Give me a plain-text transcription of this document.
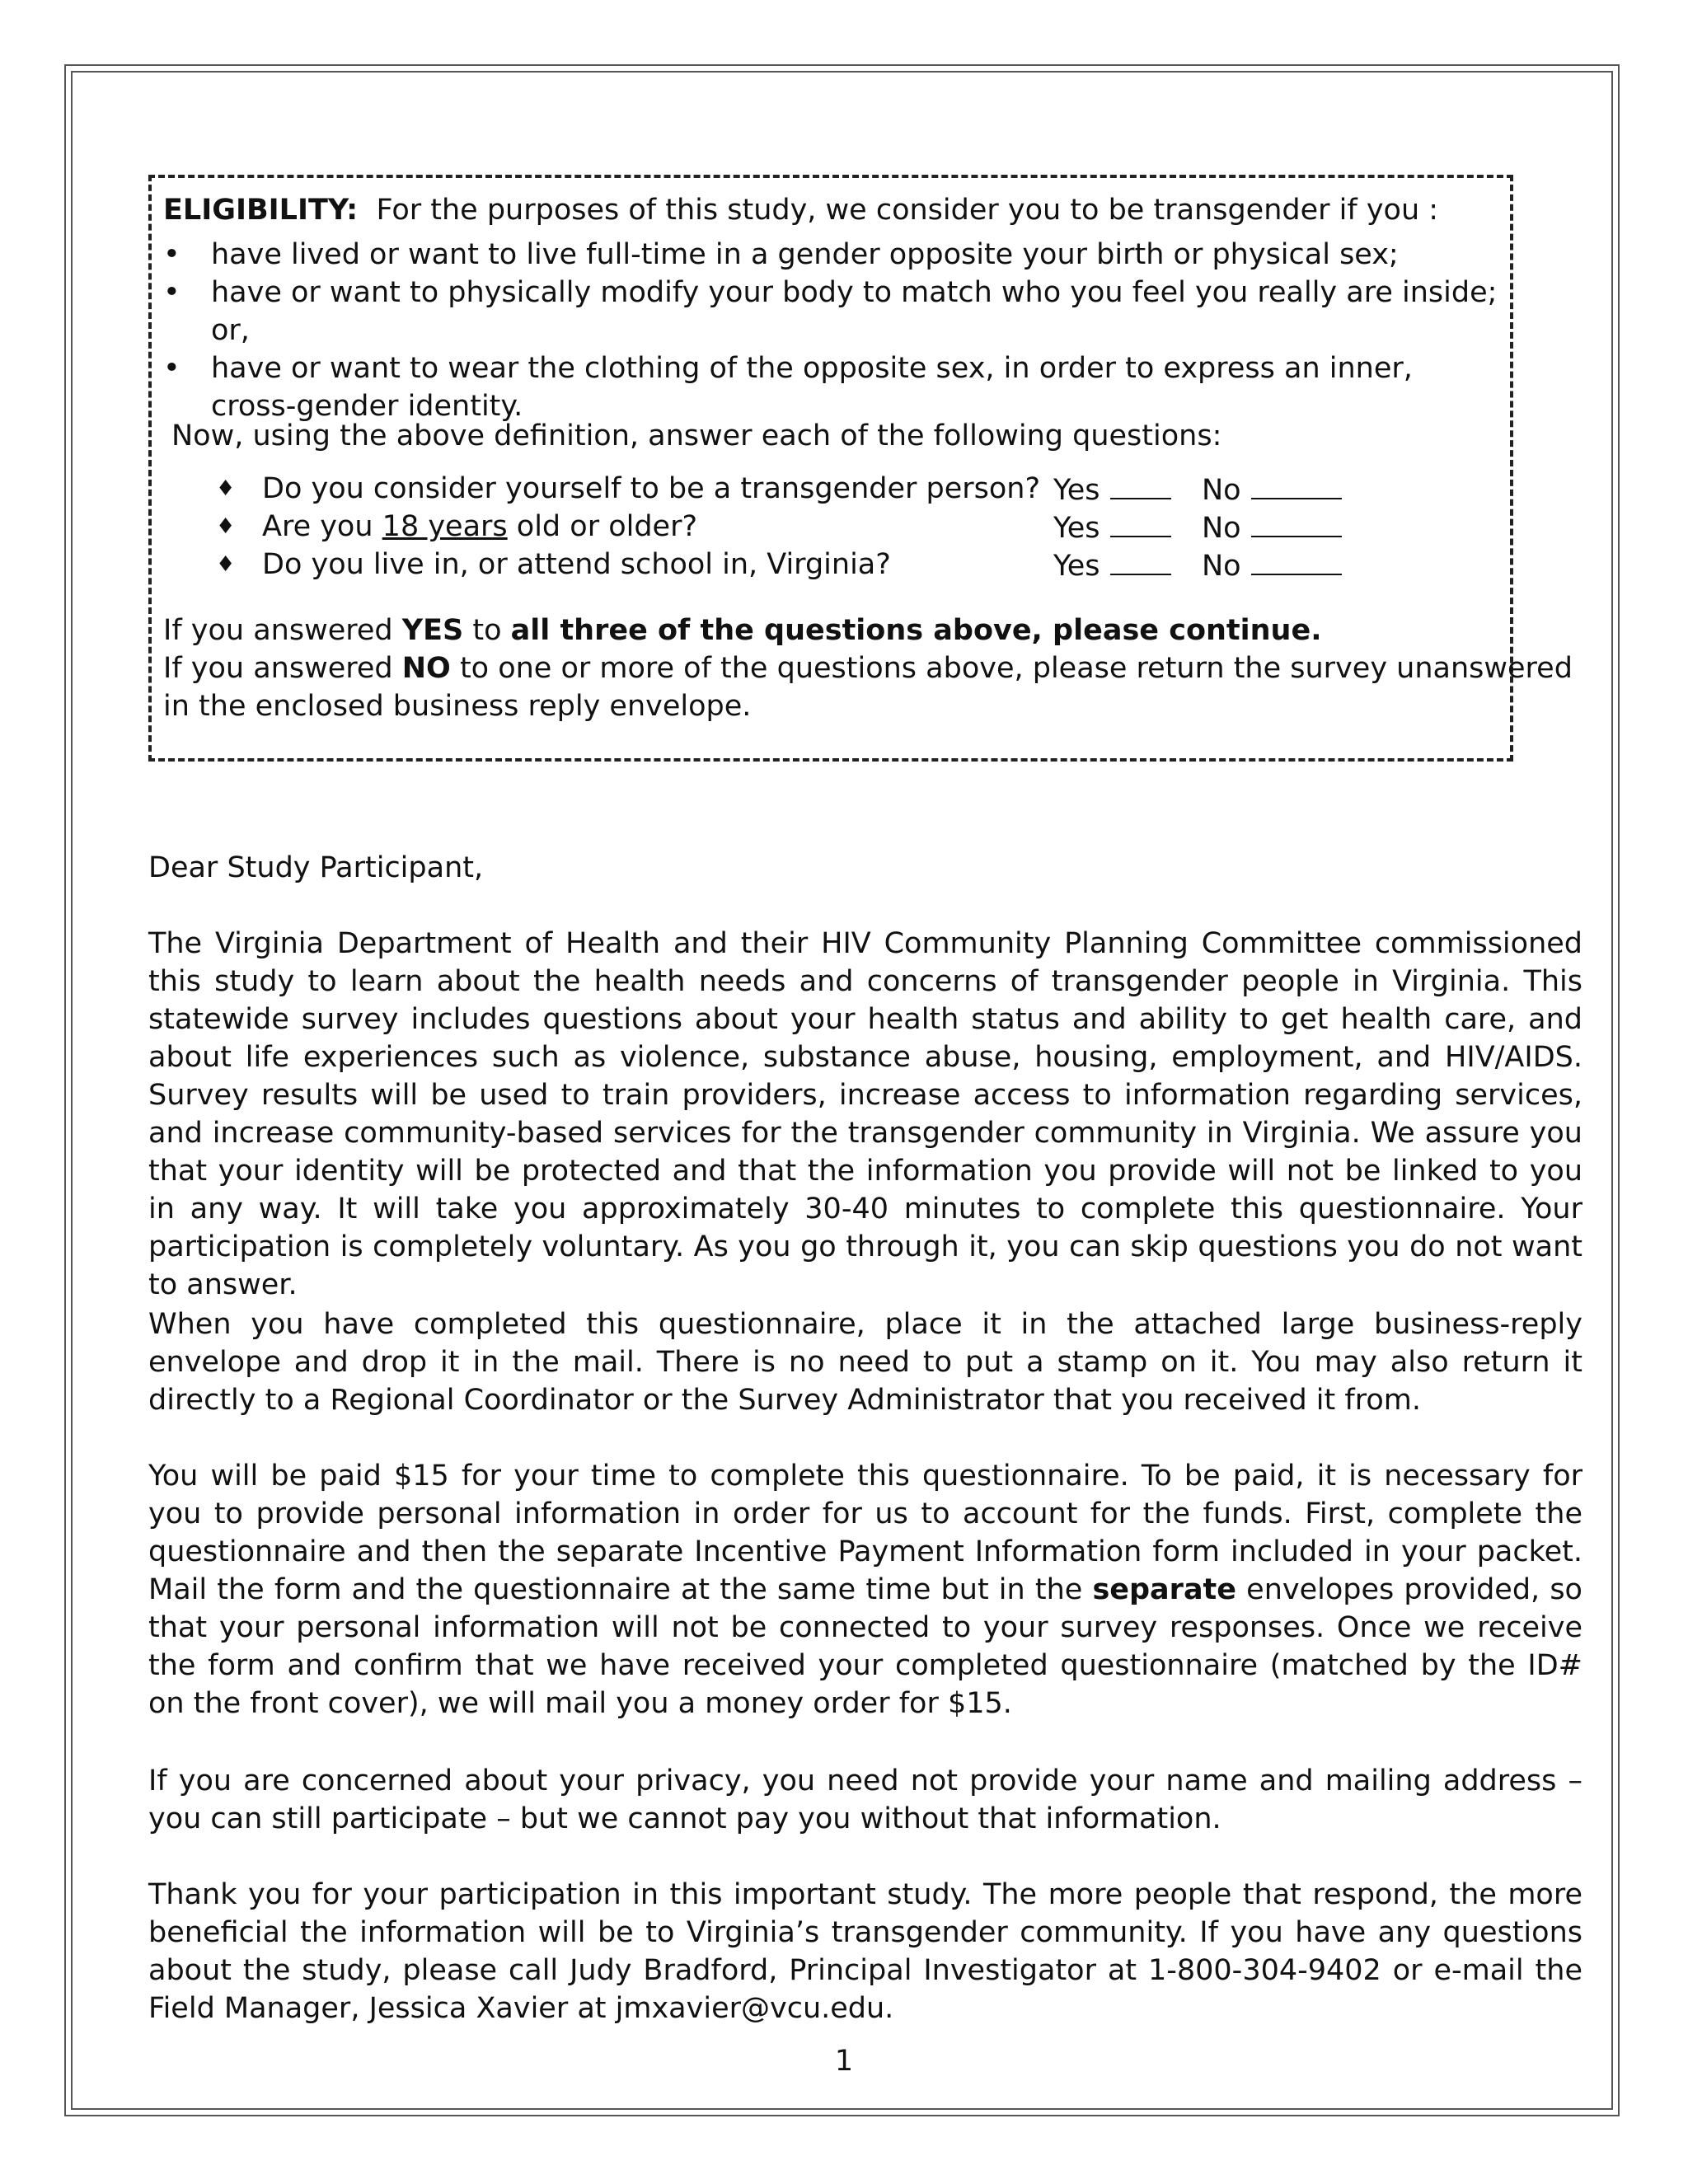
ELIGIBILITY: For the purposes of this study, we consider you to be transgender if you :
• have lived or want to live full-time in a gender opposite your birth or physical sex;
• have or want to physically modify your body to match who you feel you really are inside; or,
• have or want to wear the clothing of the opposite sex, in order to express an inner, cross-gender identity.
Now, using the above definition, answer each of the following questions:
♦ Do you consider yourself to be a transgender person? Yes	No
♦ Are you 18 years old or older?	Yes	No
♦ Do you live in, or attend school in, Virginia?	Yes	No
If you answered YES to all three of the questions above, please continue.
If you answered NO to one or more of the questions above, please return the survey unanswered
in the enclosed business reply envelope.
Dear Study Participant,
The Virginia Department of Health and their HIV Community Planning Committee commissioned this study to learn about the health needs and concerns of transgender people in Virginia. This statewide survey includes questions about your health status and ability to get health care, and about life experiences such as violence, substance abuse, housing, employment, and HIV/AIDS. Survey results will be used to train providers, increase access to information regarding services, and increase community-based services for the transgender community in Virginia. We assure you that your identity will be protected and that the information you provide will not be linked to you in any way. It will take you approximately 30-40 minutes to complete this questionnaire. Your participation is completely voluntary. As you go through it, you can skip questions you do not want to answer.
When you have completed this questionnaire, place it in the attached large business-reply envelope and drop it in the mail. There is no need to put a stamp on it. You may also return it directly to a Regional Coordinator or the Survey Administrator that you received it from.
You will be paid $15 for your time to complete this questionnaire. To be paid, it is necessary for you to provide personal information in order for us to account for the funds. First, complete the questionnaire and then the separate Incentive Payment Information form included in your packet. Mail the form and the questionnaire at the same time but in the separate envelopes provided, so that your personal information will not be connected to your survey responses. Once we receive the form and confirm that we have received your completed questionnaire (matched by the ID# on the front cover), we will mail you a money order for $15.
If you are concerned about your privacy, you need not provide your name and mailing address – you can still participate – but we cannot pay you without that information.
Thank you for your participation in this important study. The more people that respond, the more beneficial the information will be to Virginia’s transgender community. If you have any questions about the study, please call Judy Bradford, Principal Investigator at 1-800-304-9402 or e-mail the Field Manager, Jessica Xavier at jmxavier@vcu.edu.
1
